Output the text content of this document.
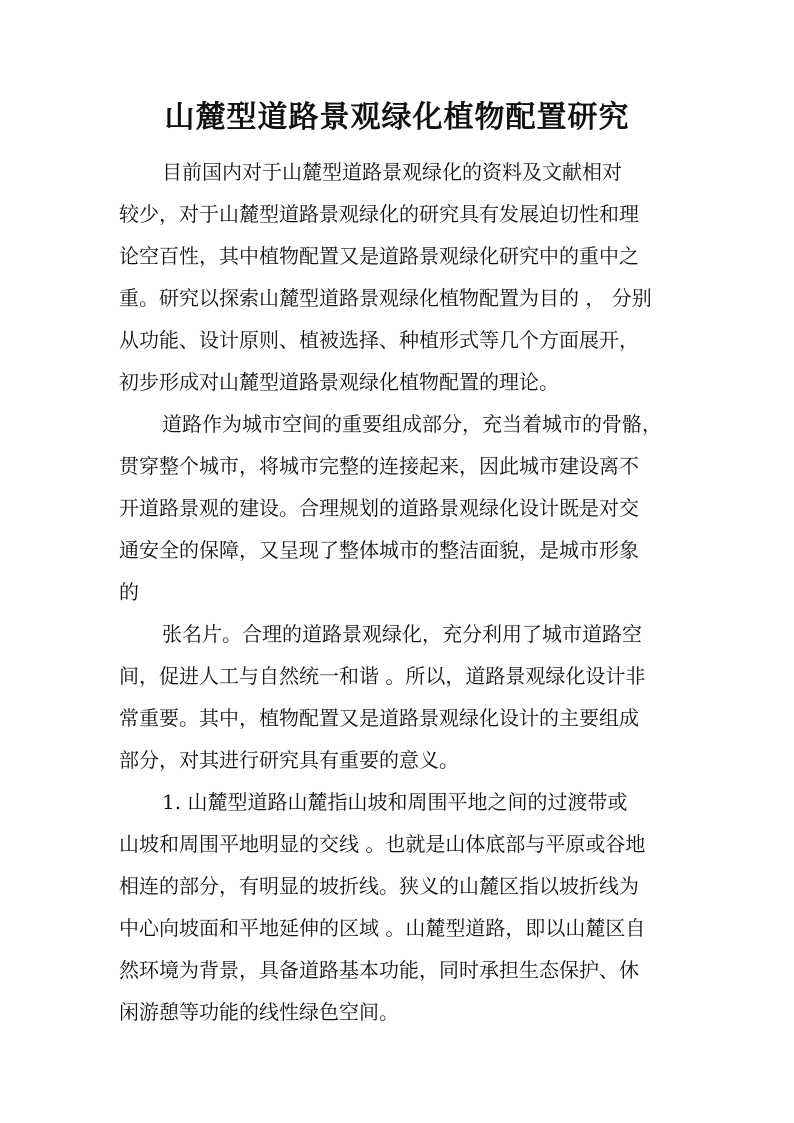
山麓型道路景观绿化植物配置研究
目前国内对于山麓型道路景观绿化的资料及文献相对
较少，对于山麓型道路景观绿化的研究具有发展迫切性和理
论空百性，其中植物配置又是道路景观绿化研究中的重中之
重。研究以探索山麓型道路景观绿化植物配置为目的 ， 分别
从功能、设计原则、植被选择、种植形式等几个方面展开，
初步形成对山麓型道路景观绿化植物配置的理论。
道路作为城市空间的重要组成部分，充当着城市的骨骼，
贯穿整个城市，将城市完整的连接起来，因此城市建设离不
开道路景观的建设。合理规划的道路景观绿化设计既是对交
通安全的保障，又呈现了整体城市的整洁面貌，是城市形象
的
张名片。合理的道路景观绿化，充分利用了城市道路空
间，促进人工与自然统一和谐 。所以，道路景观绿化设计非
常重要。其中，植物配置又是道路景观绿化设计的主要组成
部分，对其进行研究具有重要的意义。
1. 山麓型道路山麓指山坡和周围平地之间的过渡带或
山坡和周围平地明显的交线 。也就是山体底部与平原或谷地
相连的部分，有明显的坡折线。狭义的山麓区指以坡折线为
中心向坡面和平地延伸的区域 。山麓型道路，即以山麓区自
然环境为背景，具备道路基本功能，同时承担生态保护、休
闲游憩等功能的线性绿色空间。
